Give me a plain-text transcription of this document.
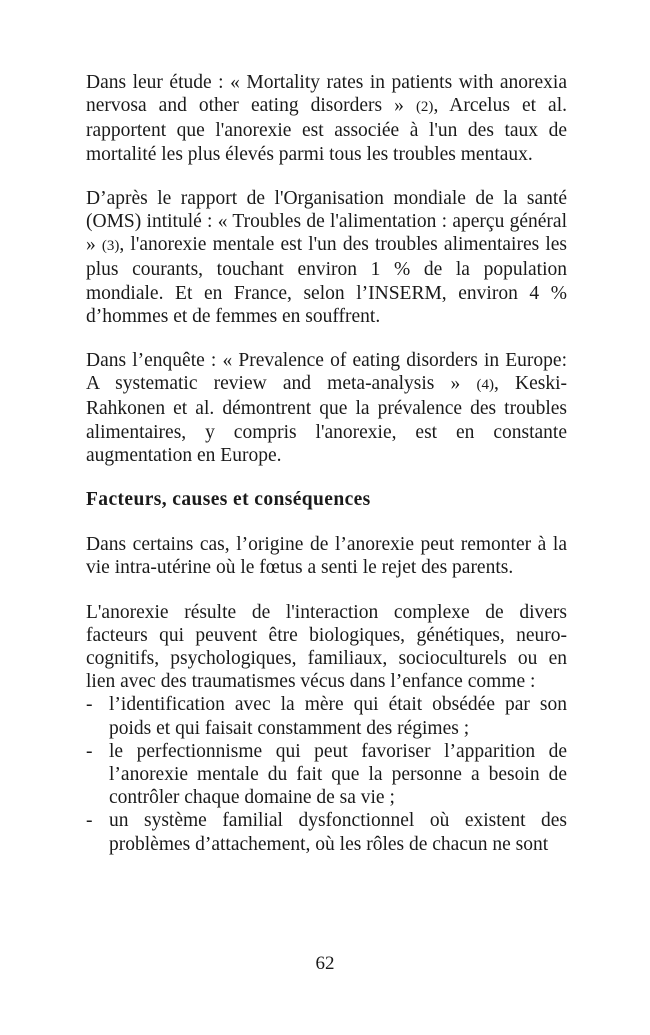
Dans leur étude : « Mortality rates in patients with anorexia nervosa and other eating disorders » (2), Arcelus et al. rapportent que l'anorexie est associée à l'un des taux de mortalité les plus élevés parmi tous les troubles mentaux.

D’après le rapport de l'Organisation mondiale de la santé (OMS) intitulé : « Troubles de l'alimentation : aperçu général » (3), l'anorexie mentale est l'un des troubles alimentaires les plus courants, touchant environ 1 % de la population mondiale. Et en France, selon l’INSERM, environ 4 % d’hommes et de femmes en souffrent.

Dans l’enquête : « Prevalence of eating disorders in Europe: A systematic review and meta-analysis » (4), Keski-Rahkonen et al. démontrent que la prévalence des troubles alimentaires, y compris l'anorexie, est en constante augmentation en Europe.

Facteurs, causes et conséquences

Dans certains cas, l’origine de l’anorexie peut remonter à la vie intra-utérine où le fœtus a senti le rejet des parents.

L'anorexie résulte de l'interaction complexe de divers facteurs qui peuvent être biologiques, génétiques, neuro-cognitifs, psychologiques, familiaux, socioculturels ou en lien avec des traumatismes vécus dans l’enfance comme :

- l’identification avec la mère qui était obsédée par son poids et qui faisait constamment des régimes ;
- le perfectionnisme qui peut favoriser l’apparition de l’anorexie mentale du fait que la personne a besoin de contrôler chaque domaine de sa vie ;
- un système familial dysfonctionnel où existent des problèmes d’attachement, où les rôles de chacun ne sont
62
